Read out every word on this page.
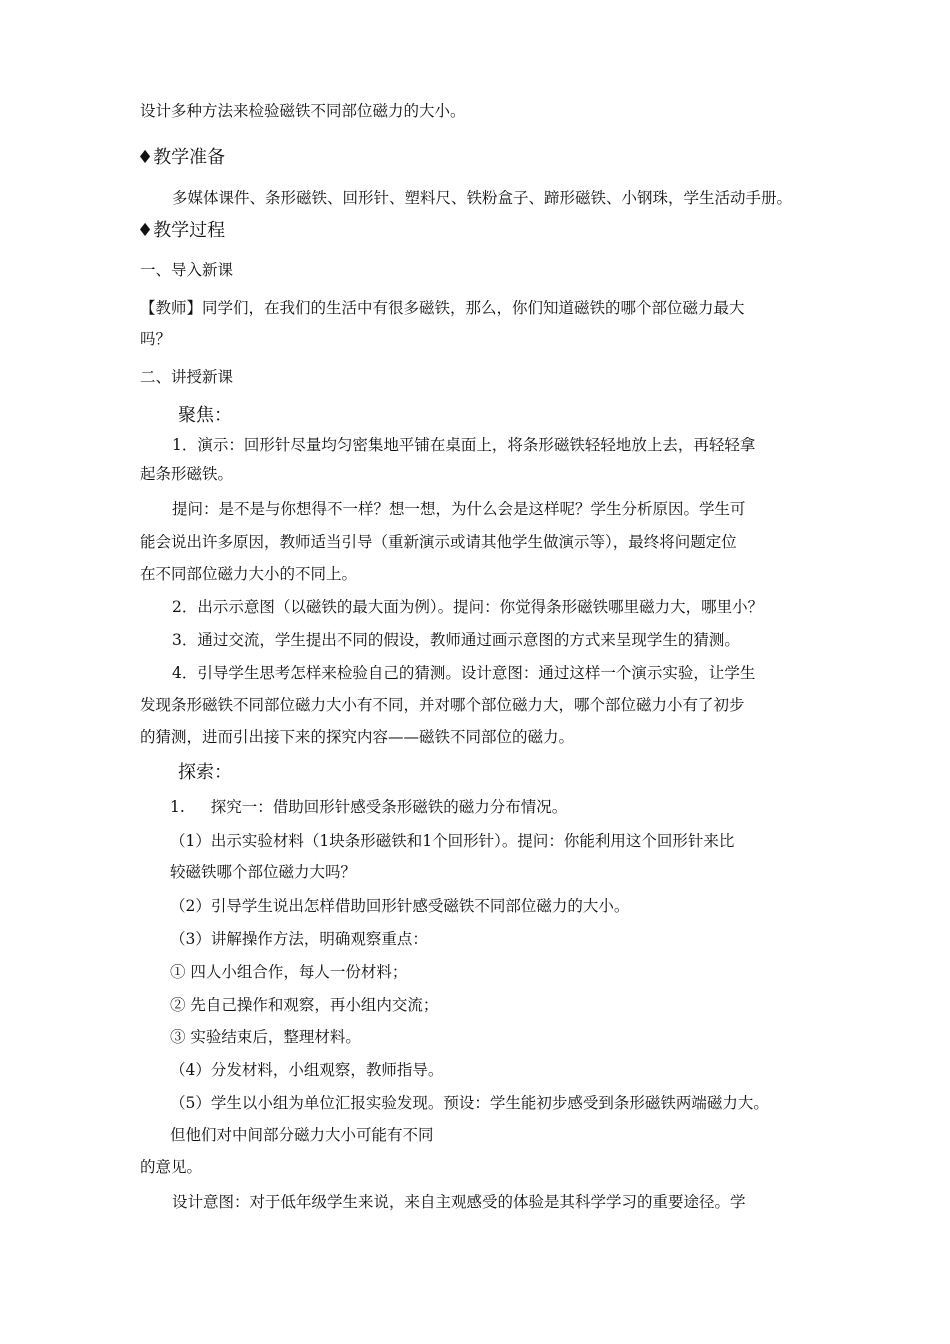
设计多种方法来检验磁铁不同部位磁力的大小。
♦教学准备
多媒体课件、条形磁铁、回形针、塑料尺、铁粉盒子、蹄形磁铁、小钢珠，学生活动手册。
♦教学过程
一、导入新课
【教师】同学们，在我们的生活中有很多磁铁，那么，你们知道磁铁的哪个部位磁力最大
吗？
二、讲授新课
聚焦：
1．演示：回形针尽量均匀密集地平铺在桌面上，将条形磁铁轻轻地放上去，再轻轻拿
起条形磁铁。
提问：是不是与你想得不一样？想一想，为什么会是这样呢？学生分析原因。学生可
能会说出许多原因，教师适当引导（重新演示或请其他学生做演示等），最终将问题定位
在不同部位磁力大小的不同上。
2．出示示意图（以磁铁的最大面为例）。提问：你觉得条形磁铁哪里磁力大，哪里小？
3．通过交流，学生提出不同的假设，教师通过画示意图的方式来呈现学生的猜测。
4．引导学生思考怎样来检验自己的猜测。设计意图：通过这样一个演示实验，让学生
发现条形磁铁不同部位磁力大小有不同，并对哪个部位磁力大，哪个部位磁力小有了初步
的猜测，进而引出接下来的探究内容——磁铁不同部位的磁力。
探索：
1. 探究一：借助回形针感受条形磁铁的磁力分布情况。
（1）出示实验材料（1块条形磁铁和1个回形针）。提问：你能利用这个回形针来比
较磁铁哪个部位磁力大吗？
（2）引导学生说出怎样借助回形针感受磁铁不同部位磁力的大小。
（3）讲解操作方法，明确观察重点：
① 四人小组合作，每人一份材料；
② 先自己操作和观察，再小组内交流；
③ 实验结束后，整理材料。
（4）分发材料，小组观察，教师指导。
（5）学生以小组为单位汇报实验发现。预设：学生能初步感受到条形磁铁两端磁力大。
但他们对中间部分磁力大小可能有不同
的意见。
设计意图：对于低年级学生来说，来自主观感受的体验是其科学学习的重要途径。学
